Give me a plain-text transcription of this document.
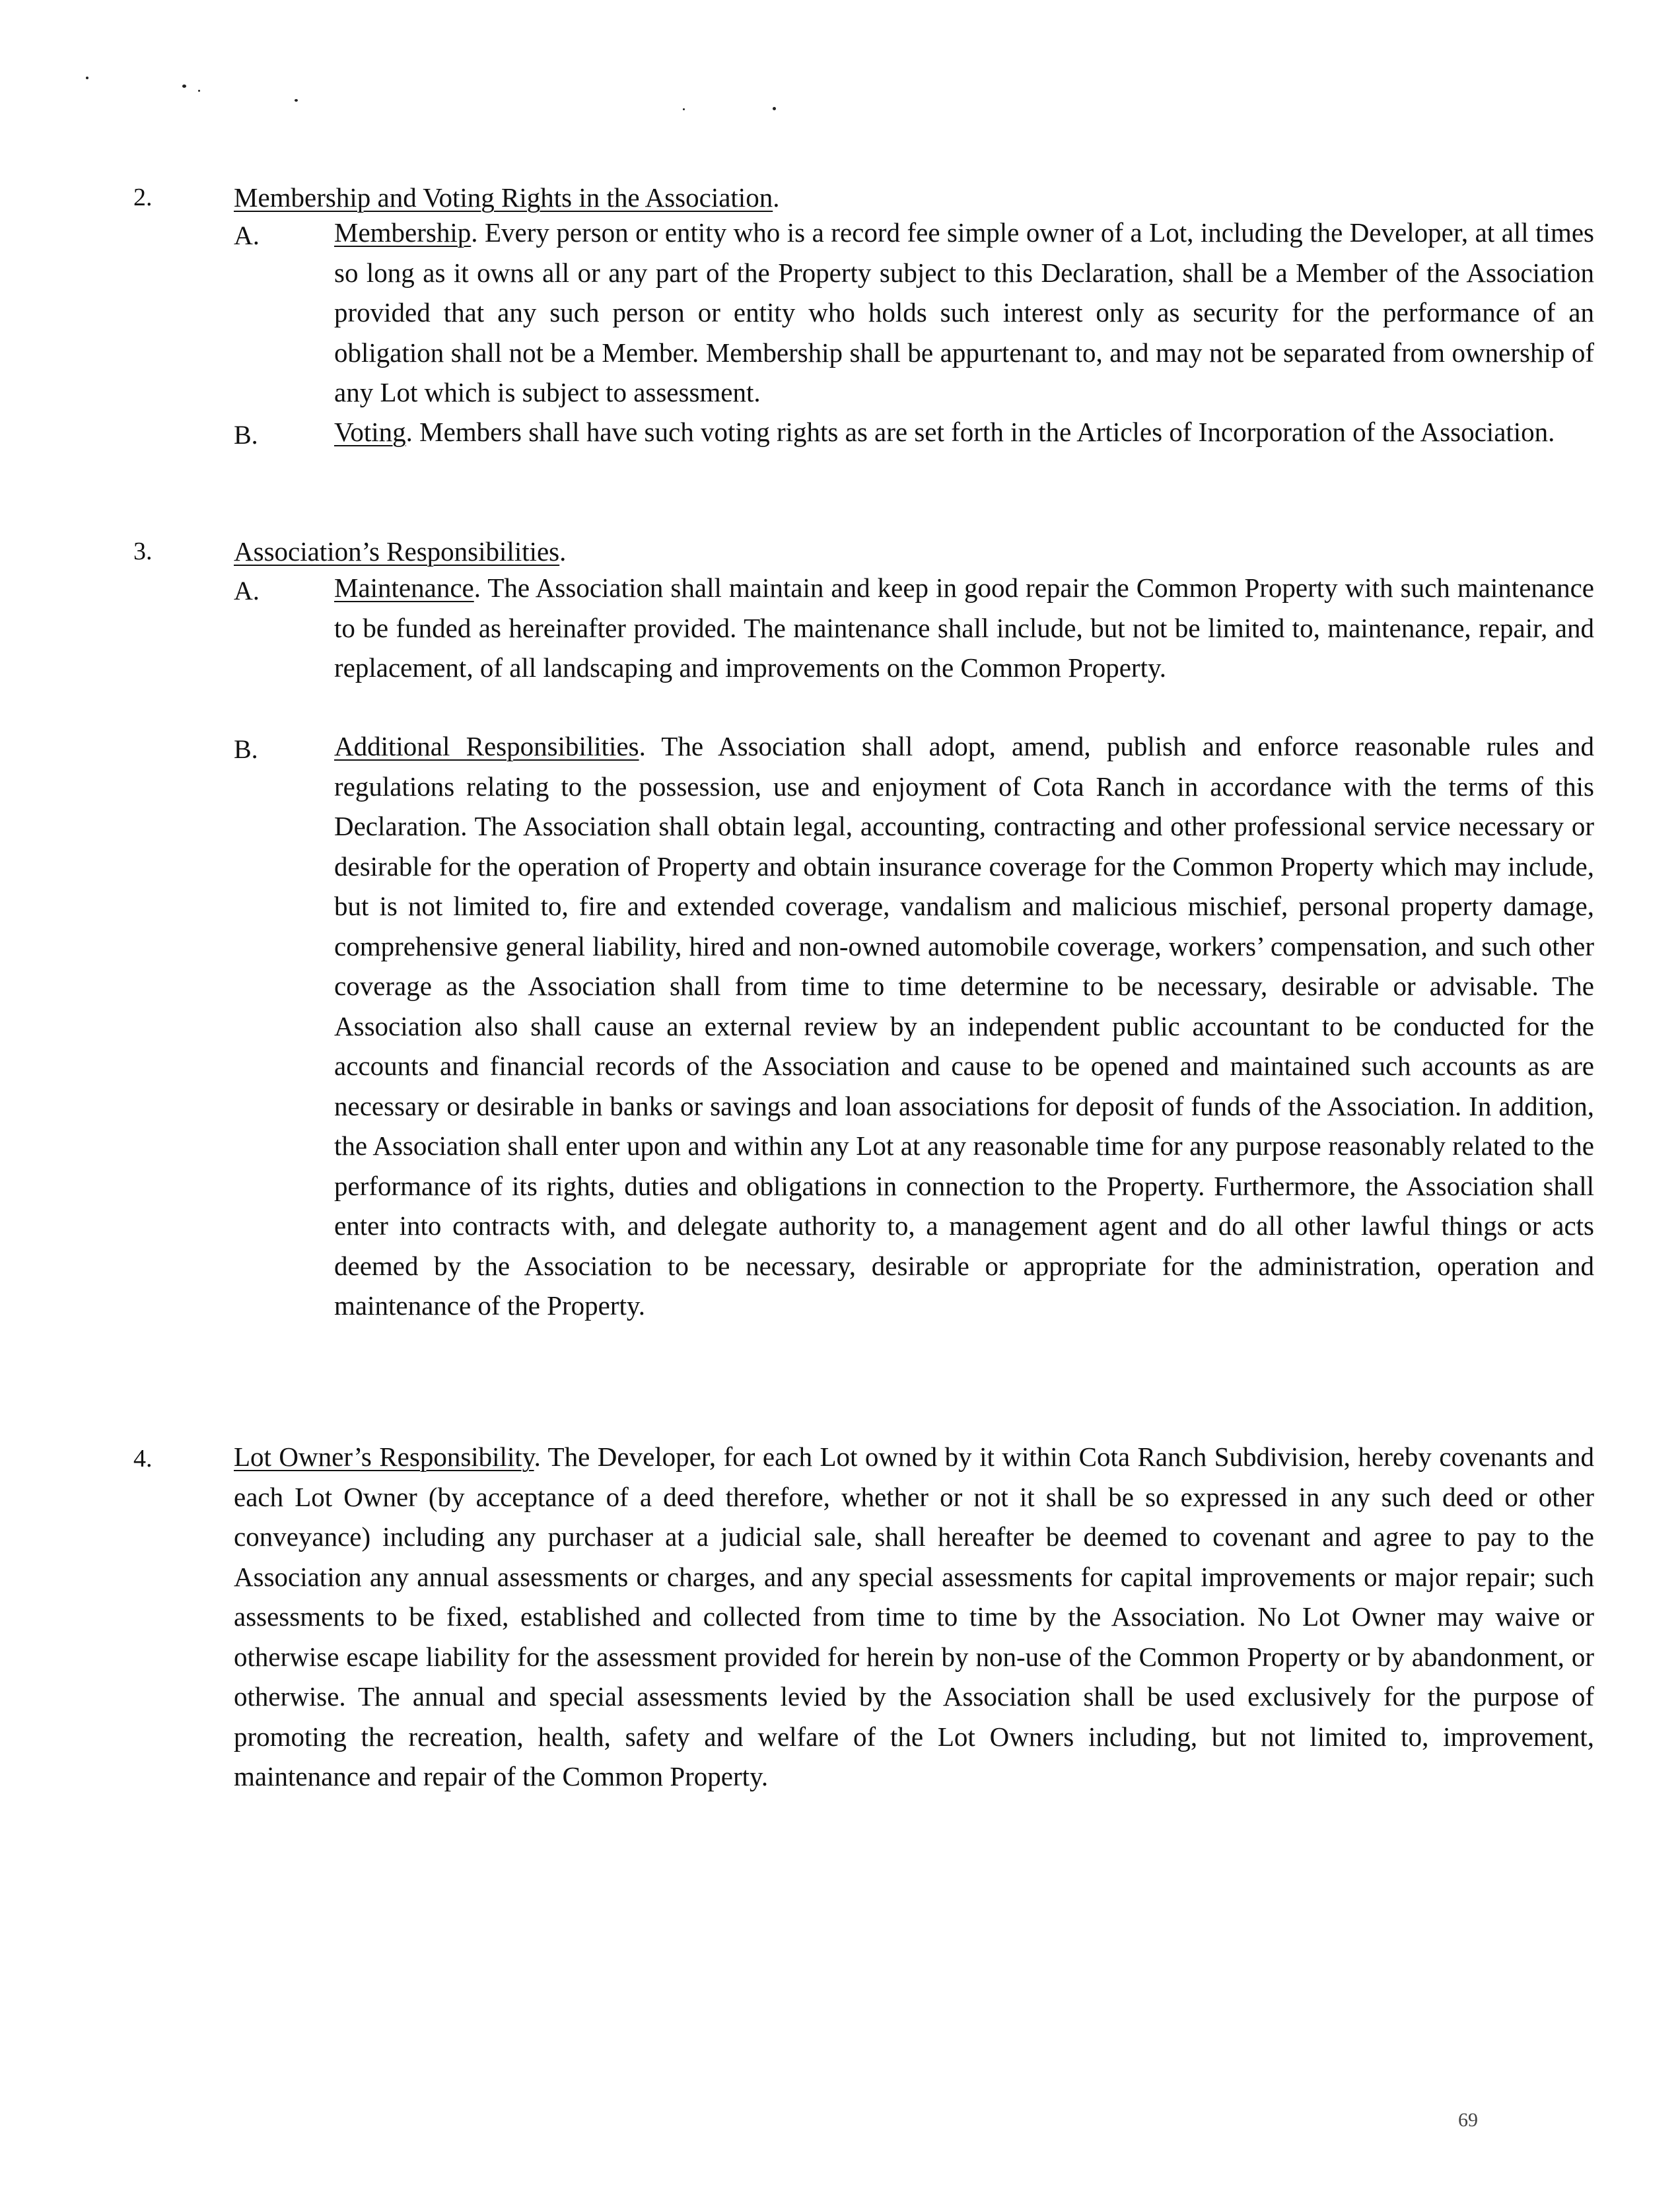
2.	Membership and Voting Rights in the Association.
A.	Membership. Every person or entity who is a record fee simple owner of a Lot, including the Developer, at all times so long as it owns all or any part of the Property subject to this Declaration, shall be a Member of the Association provided that any such person or entity who holds such interest only as security for the performance of an obligation shall not be a Member. Membership shall be appurtenant to, and may not be separated from ownership of any Lot which is subject to assessment.
B.	Voting. Members shall have such voting rights as are set forth in the Articles of Incorporation of the Association.
3.	Association’s Responsibilities.
A.	Maintenance. The Association shall maintain and keep in good repair the Common Property with such maintenance to be funded as hereinafter provided. The maintenance shall include, but not be limited to, maintenance, repair, and replacement, of all landscaping and improvements on the Common Property.
B.	Additional Responsibilities. The Association shall adopt, amend, publish and enforce reasonable rules and regulations relating to the possession, use and enjoyment of Cota Ranch in accordance with the terms of this Declaration. The Association shall obtain legal, accounting, contracting and other professional service necessary or desirable for the operation of Property and obtain insurance coverage for the Common Property which may include, but is not limited to, fire and extended coverage, vandalism and malicious mischief, personal property damage, comprehensive general liability, hired and non-owned automobile coverage, workers’ compensation, and such other coverage as the Association shall from time to time determine to be necessary, desirable or advisable. The Association also shall cause an external review by an independent public accountant to be conducted for the accounts and financial records of the Association and cause to be opened and maintained such accounts as are necessary or desirable in banks or savings and loan associations for deposit of funds of the Association. In addition, the Association shall enter upon and within any Lot at any reasonable time for any purpose reasonably related to the performance of its rights, duties and obligations in connection to the Property. Furthermore, the Association shall enter into contracts with, and delegate authority to, a management agent and do all other lawful things or acts deemed by the Association to be necessary, desirable or appropriate for the administration, operation and maintenance of the Property.
4.	Lot Owner’s Responsibility. The Developer, for each Lot owned by it within Cota Ranch Subdivision, hereby covenants and each Lot Owner (by acceptance of a deed therefore, whether or not it shall be so expressed in any such deed or other conveyance) including any purchaser at a judicial sale, shall hereafter be deemed to covenant and agree to pay to the Association any annual assessments or charges, and any special assessments for capital improvements or major repair; such assessments to be fixed, established and collected from time to time by the Association. No Lot Owner may waive or otherwise escape liability for the assessment provided for herein by non-use of the Common Property or by abandonment, or otherwise. The annual and special assessments levied by the Association shall be used exclusively for the purpose of promoting the recreation, health, safety and welfare of the Lot Owners including, but not limited to, improvement, maintenance and repair of the Common Property.
69
